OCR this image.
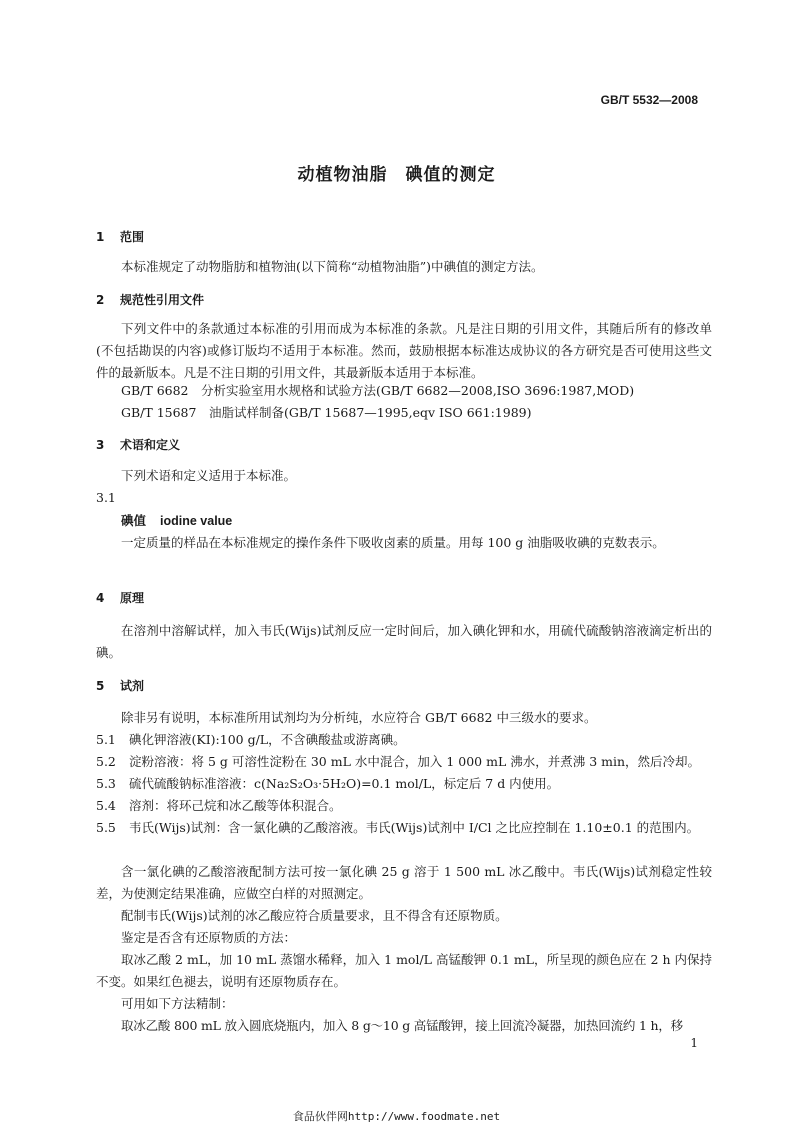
GB/T 5532—2008
动植物油脂　碘值的测定
1 范围
本标准规定了动物脂肪和植物油(以下简称“动植物油脂”)中碘值的测定方法。
2 规范性引用文件
下列文件中的条款通过本标准的引用而成为本标准的条款。凡是注日期的引用文件，其随后所有的修改单(不包括勘误的内容)或修订版均不适用于本标准。然而，鼓励根据本标准达成协议的各方研究是否可使用这些文件的最新版本。凡是不注日期的引用文件，其最新版本适用于本标准。
GB/T 6682　分析实验室用水规格和试验方法(GB/T 6682—2008,ISO 3696:1987,MOD)
GB/T 15687　油脂试样制备(GB/T 15687—1995,eqv ISO 661:1989)
3 术语和定义
下列术语和定义适用于本标准。
3.1
碘值 iodine value
一定质量的样品在本标准规定的操作条件下吸收卤素的质量。用每 100 g 油脂吸收碘的克数表示。
4 原理
在溶剂中溶解试样，加入韦氏(Wijs)试剂反应一定时间后，加入碘化钾和水，用硫代硫酸钠溶液滴定析出的碘。
5 试剂
除非另有说明，本标准所用试剂均为分析纯，水应符合 GB/T 6682 中三级水的要求。
5.1 碘化钾溶液(KI):100 g/L，不含碘酸盐或游离碘。
5.2 淀粉溶液：将 5 g 可溶性淀粉在 30 mL 水中混合，加入 1 000 mL 沸水，并煮沸 3 min，然后冷却。
5.3 硫代硫酸钠标准溶液：c(Na₂S₂O₃·5H₂O)=0.1 mol/L，标定后 7 d 内使用。
5.4 溶剂：将环己烷和冰乙酸等体积混合。
5.5 韦氏(Wijs)试剂：含一氯化碘的乙酸溶液。韦氏(Wijs)试剂中 I/Cl 之比应控制在 1.10±0.1 的范围内。
含一氯化碘的乙酸溶液配制方法可按一氯化碘 25 g 溶于 1 500 mL 冰乙酸中。韦氏(Wijs)试剂稳定性较差，为使测定结果准确，应做空白样的对照测定。
配制韦氏(Wijs)试剂的冰乙酸应符合质量要求，且不得含有还原物质。
鉴定是否含有还原物质的方法：
取冰乙酸 2 mL，加 10 mL 蒸馏水稀释，加入 1 mol/L 高锰酸钾 0.1 mL，所呈现的颜色应在 2 h 内保持不变。如果红色褪去，说明有还原物质存在。
可用如下方法精制：
取冰乙酸 800 mL 放入圆底烧瓶内，加入 8 g～10 g 高锰酸钾，接上回流冷凝器，加热回流约 1 h，移
1
食品伙伴网http://www.foodmate.net
